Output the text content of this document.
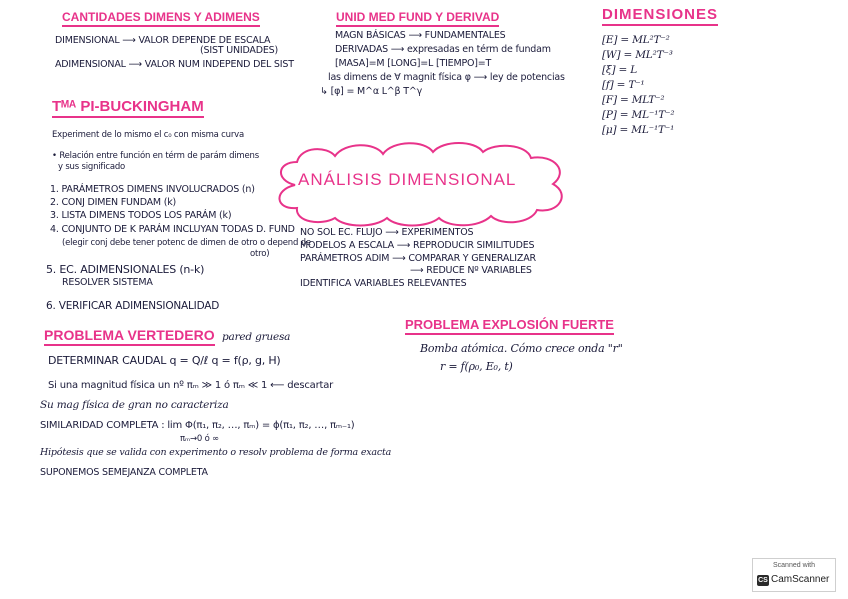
CANTIDADES DIMENS Y ADIMENS
DIMENSIONAL ⟶ VALOR DEPENDE DE ESCALA
(SIST UNIDADES)
ADIMENSIONAL ⟶ VALOR NUM INDEPEND DEL SIST
UNID MED FUND Y DERIVAD
MAGN BÁSICAS ⟶ FUNDAMENTALES
DERIVADAS ⟶ expresadas en térm de fundam
[MASA]=M [LONG]=L [TIEMPO]=T
las dimens de ∀ magnit física φ ⟶ ley de potencias
↳ [φ] = M^α L^β T^γ
DIMENSIONES
[E] = ML²T⁻²
[W] = ML²T⁻³
[ξ] = L
[f] = T⁻¹
[F] = MLT⁻²
[P] = ML⁻¹T⁻²
[μ] = ML⁻¹T⁻¹
Tᴹᴬ PI-BUCKINGHAM
Experiment de lo mismo el c₀ con misma curva
• Relación entre función en térm de parám dimens
y sus significado
1. PARÁMETROS DIMENS INVOLUCRADOS (n)
2. CONJ DIMEN FUNDAM (k)
3. LISTA DIMENS TODOS LOS PARÁM (k)
4. CONJUNTO DE K PARÁM INCLUYAN TODAS D. FUND
(elegir conj debe tener potenc de dimen de otro o depend de
otro)
5. EC. ADIMENSIONALES (n-k)
RESOLVER SISTEMA
6. VERIFICAR ADIMENSIONALIDAD
ANÁLISIS DIMENSIONAL
NO SOL EC. FLUJO ⟶ EXPERIMENTOS
MODELOS A ESCALA ⟶ REPRODUCIR SIMILITUDES
PARÁMETROS ADIM ⟶ COMPARAR Y GENERALIZAR
⟶ REDUCE Nº VARIABLES
IDENTIFICA VARIABLES RELEVANTES
PROBLEMA VERTEDERO pared gruesa
DETERMINAR CAUDAL q = Q/ℓ q = f(ρ, g, H)
Si una magnitud física un nº πₘ ≫ 1 ó πₘ ≪ 1 ⟵ descartar
Su mag física de gran no caracteriza
SIMILARIDAD COMPLETA : lim Φ(π₁, π₂, …, πₘ) = ϕ(π₁, π₂, …, πₘ₋₁)
πₘ→0 ó ∞
Hipótesis que se valida con experimento o resolv problema de forma exacta
SUPONEMOS SEMEJANZA COMPLETA
PROBLEMA EXPLOSIÓN FUERTE
Bomba atómica. Cómo crece onda "r"
r = f(ρ₀, E₀, t)
Scanned with
CS CamScanner
